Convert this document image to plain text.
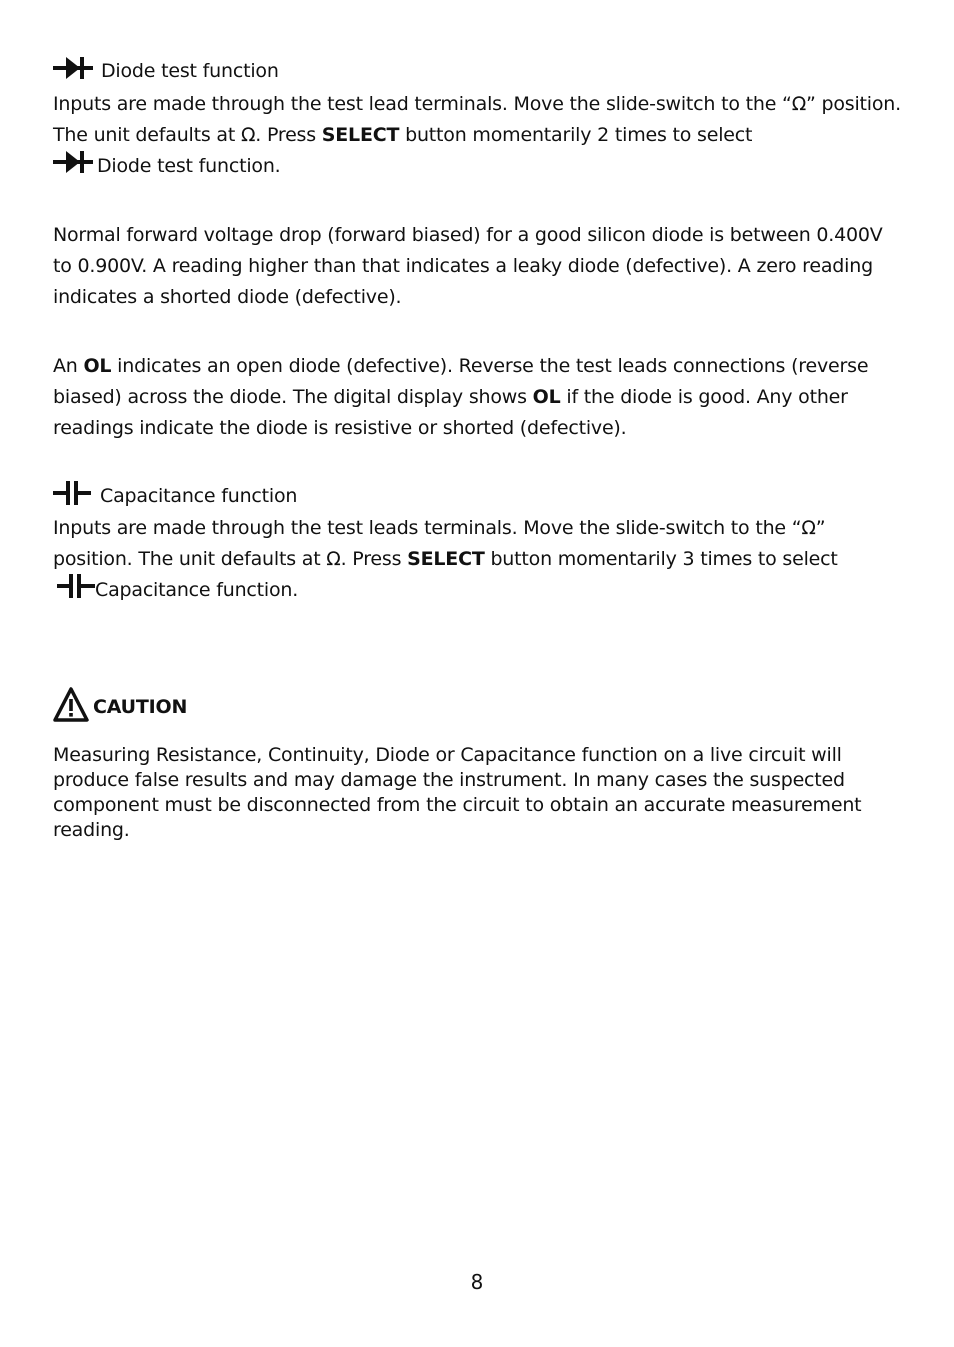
Diode test function
Inputs are made through the test lead terminals. Move the slide-switch to the “Ω” position. The unit defaults at Ω. Press SELECT button momentarily 2 times to select
Diode test function.
Normal forward voltage drop (forward biased) for a good silicon diode is between 0.400V to 0.900V. A reading higher than that indicates a leaky diode (defective). A zero reading indicates a shorted diode (defective).
An OL indicates an open diode (defective). Reverse the test leads connections (reverse biased) across the diode. The digital display shows OL if the diode is good. Any other readings indicate the diode is resistive or shorted (defective).
Capacitance function
Inputs are made through the test leads terminals. Move the slide-switch to the “Ω” position. The unit defaults at Ω. Press SELECT button momentarily 3 times to select
Capacitance function.
CAUTION
Measuring Resistance, Continuity, Diode or Capacitance function on a live circuit will produce false results and may damage the instrument. In many cases the suspected component must be disconnected from the circuit to obtain an accurate measurement reading.
8
